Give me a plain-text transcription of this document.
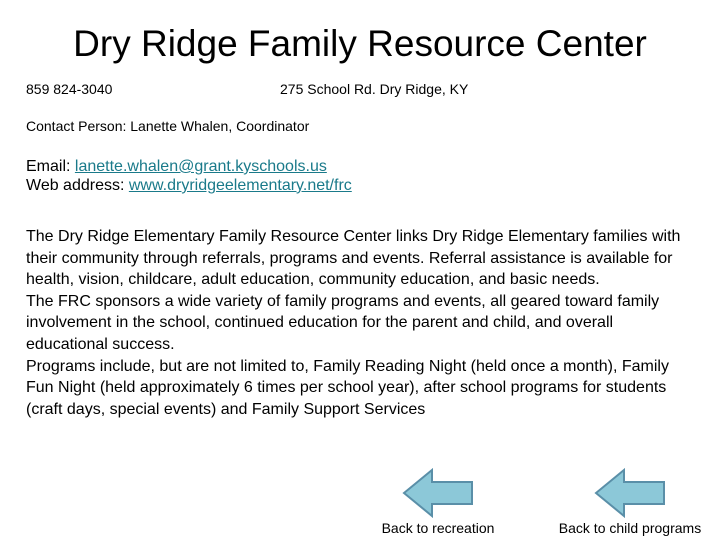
Dry Ridge Family Resource Center
859 824-3040	275 School Rd. Dry Ridge, KY
Contact Person: Lanette Whalen, Coordinator
Email: lanette.whalen@grant.kyschools.us
Web address: www.dryridgeelementary.net/frc

The Dry Ridge Elementary Family Resource Center links Dry Ridge Elementary families with their community through referrals, programs and events. Referral assistance is available for health, vision, childcare, adult education, community education, and basic needs.

The FRC sponsors a wide variety of family programs and events, all geared toward family involvement in the school, continued education for the parent and child, and overall educational success.

Programs include, but are not limited to, Family Reading Night (held once a month), Family Fun Night (held approximately 6 times per school year), after school programs for students

(craft days, special events) and Family Support Services

Back to recreation	Back to child programs
